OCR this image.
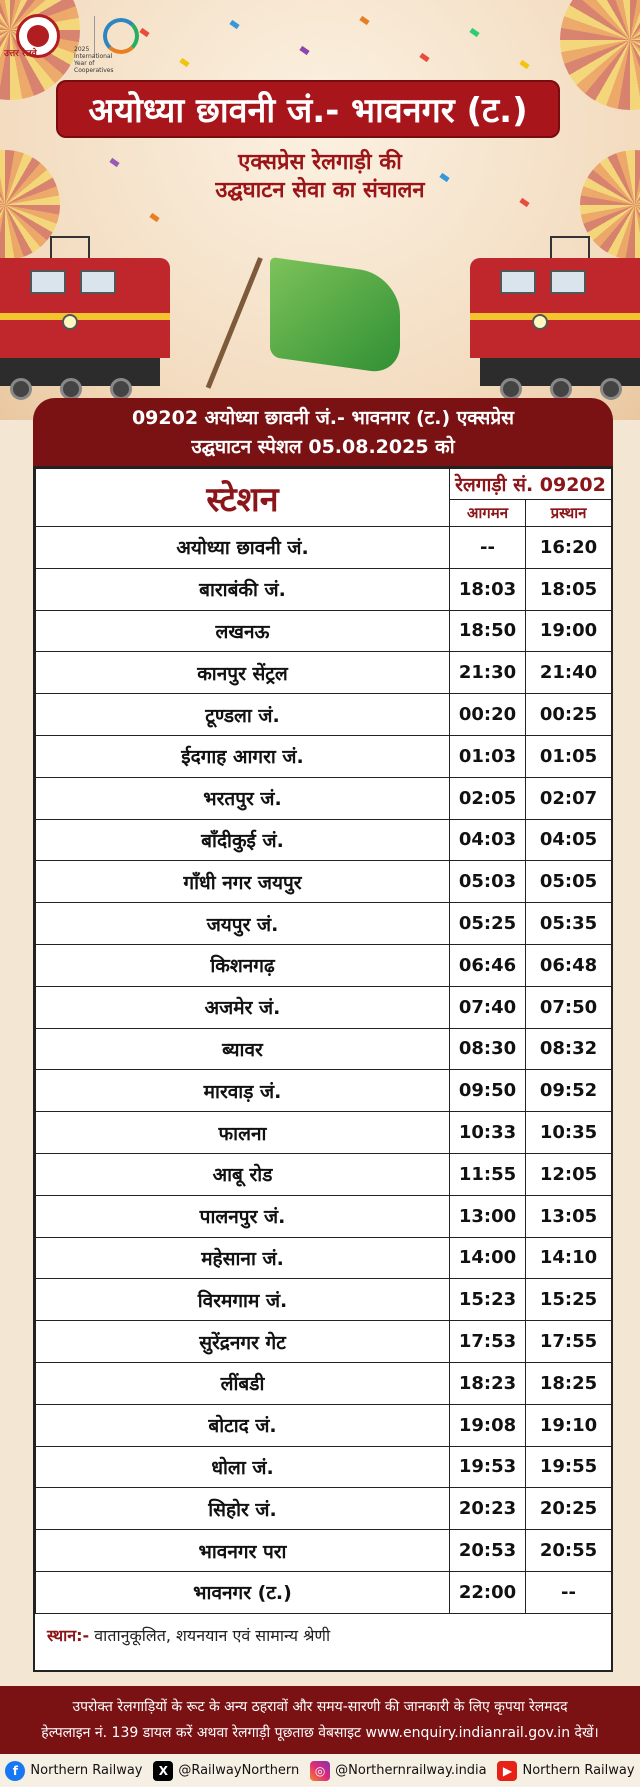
उत्तर रेलवे	2025 International Year of Cooperatives
अयोध्या छावनी जं.- भावनगर (ट.)
एक्सप्रेस रेलगाड़ी की
उद्घघाटन सेवा का संचालन
09202 अयोध्या छावनी जं.- भावनगर (ट.) एक्सप्रेस
उद्घघाटन स्पेशल 05.08.2025 को
स्टेशन	रेलगाड़ी सं. 09202	
	आगमन	प्रस्थान
अयोध्या छावनी जं.	--	16:20
बाराबंकी जं.	18:03	18:05
लखनऊ	18:50	19:00
कानपुर सेंट्रल	21:30	21:40
टूण्डला जं.	00:20	00:25
ईदगाह आगरा जं.	01:03	01:05
भरतपुर जं.	02:05	02:07
बाँदीकुई जं.	04:03	04:05
गाँधी नगर जयपुर	05:03	05:05
जयपुर जं.	05:25	05:35
किशनगढ़	06:46	06:48
अजमेर जं.	07:40	07:50
ब्यावर	08:30	08:32
मारवाड़ जं.	09:50	09:52
फालना	10:33	10:35
आबू रोड	11:55	12:05
पालनपुर जं.	13:00	13:05
महेसाना जं.	14:00	14:10
विरमगाम जं.	15:23	15:25
सुरेंद्रनगर गेट	17:53	17:55
लींबडी	18:23	18:25
बोटाद जं.	19:08	19:10
धोला जं.	19:53	19:55
सिहोर जं.	20:23	20:25
भावनगर परा	20:53	20:55
भावनगर (ट.)	22:00	--
स्थान:- वातानुकूलित, शयनयान एवं सामान्य श्रेणी
उपरोक्त रेलगाड़ियों के रूट के अन्य ठहरावों और समय-सारणी की जानकारी के लिए कृपया रेलमदद
हेल्पलाइन नं. 139 डायल करें अथवा रेलगाड़ी पूछताछ वेबसाइट www.enquiry.indianrail.gov.in देखें।
f Northern Railway	X @RailwayNorthern	◎ @Northernrailway.india	▶ Northern Railway
